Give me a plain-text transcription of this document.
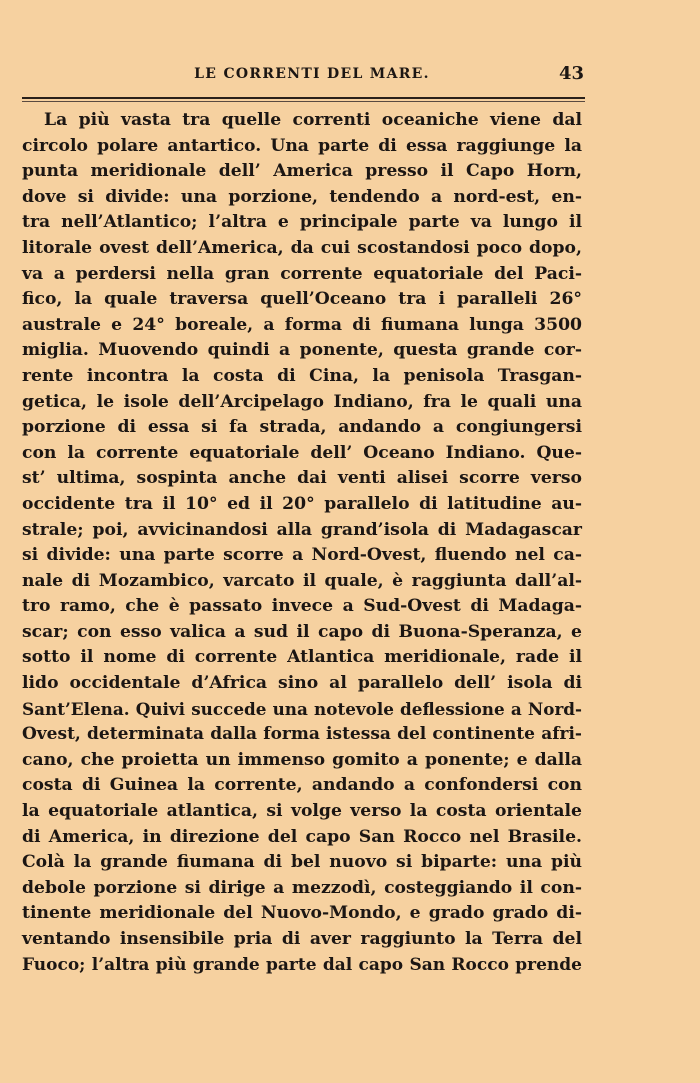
LE CORRENTI DEL MARE.	43
La più vasta tra quelle correnti oceaniche viene dal
circolo polare antartico. Una parte di essa raggiunge la
punta meridionale dell’ America presso il Capo Horn,
dove si divide: una porzione, tendendo a nord-est, en-
tra nell’Atlantico; l’altra e principale parte va lungo il
litorale ovest dell’America, da cui scostandosi poco dopo,
va a perdersi nella gran corrente equatoriale del Paci-
fico, la quale traversa quell’Oceano tra i paralleli 26°
australe e 24° boreale, a forma di fiumana lunga 3500
miglia. Muovendo quindi a ponente, questa grande cor-
rente incontra la costa di Cina, la penisola Trasgan-
getica, le isole dell’Arcipelago Indiano, fra le quali una
porzione di essa si fa strada, andando a congiungersi
con la corrente equatoriale dell’ Oceano Indiano. Que-
st’ ultima, sospinta anche dai venti alisei scorre verso
occidente tra il 10° ed il 20° parallelo di latitudine au-
strale; poi, avvicinandosi alla grand’isola di Madagascar
si divide: una parte scorre a Nord-Ovest, fluendo nel ca-
nale di Mozambico, varcato il quale, è raggiunta dall’al-
tro ramo, che è passato invece a Sud-Ovest di Madaga-
scar; con esso valica a sud il capo di Buona-Speranza, e
sotto il nome di corrente Atlantica meridionale, rade il
lido occidentale d’Africa sino al parallelo dell’ isola di
Sant’Elena. Quivi succede una notevole deflessione a Nord-
Ovest, determinata dalla forma istessa del continente afri-
cano, che proietta un immenso gomito a ponente; e dalla
costa di Guinea la corrente, andando a confondersi con
la equatoriale atlantica, si volge verso la costa orientale
di America, in direzione del capo San Rocco nel Brasile.
Colà la grande fiumana di bel nuovo si biparte: una più
debole porzione si dirige a mezzodì, costeggiando il con-
tinente meridionale del Nuovo-Mondo, e grado grado di-
ventando insensibile pria di aver raggiunto la Terra del
Fuoco; l’altra più grande parte dal capo San Rocco prende
